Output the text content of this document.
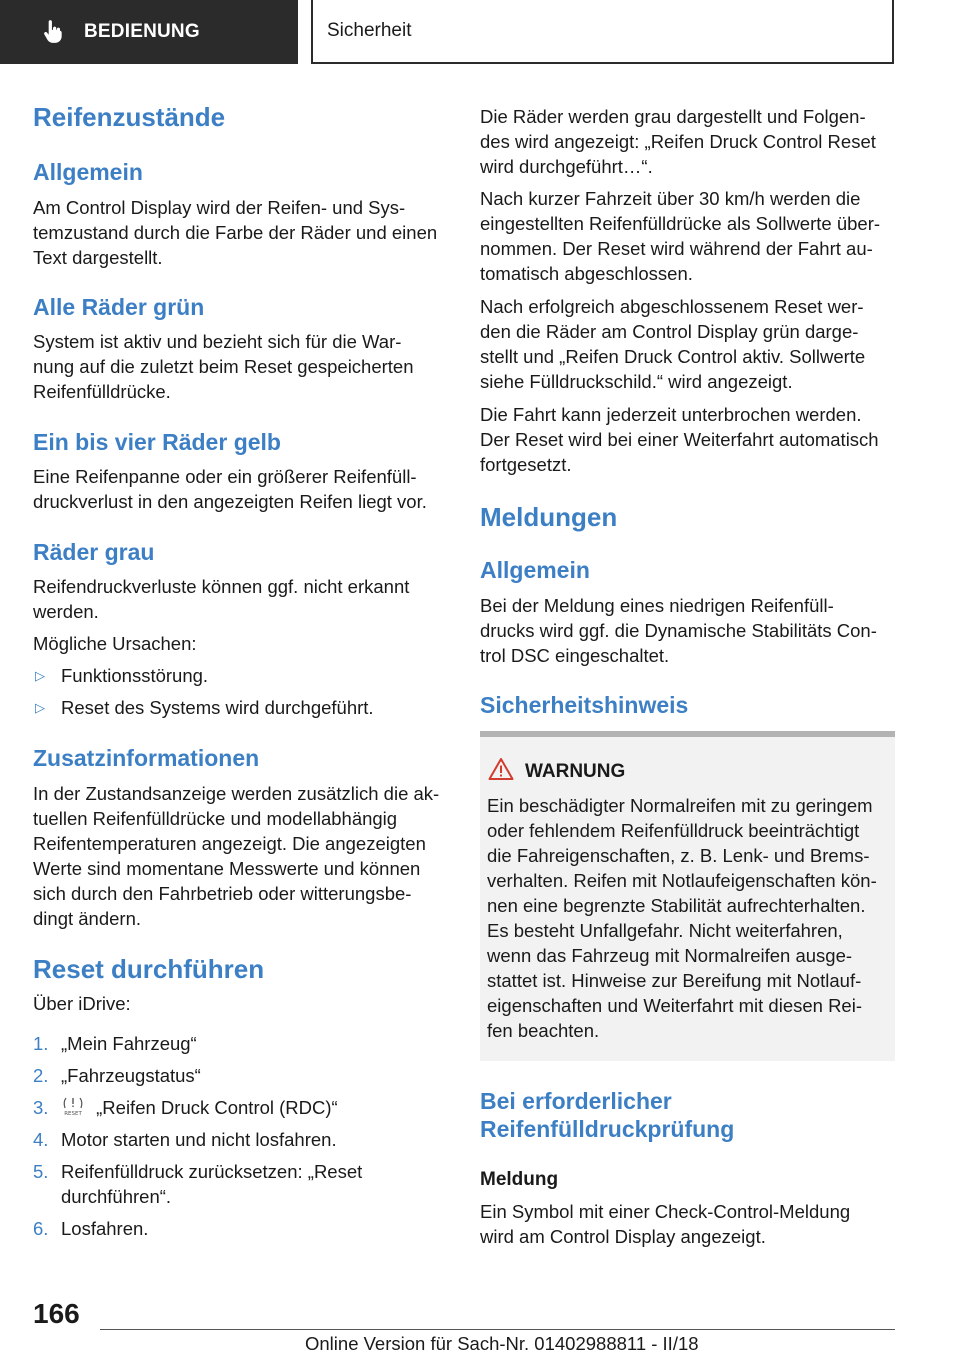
BEDIENUNG	Sicherheit
Reifenzustände
Allgemein
Am Control Display wird der Reifen- und Sys-
temzustand durch die Farbe der Räder und einen
Text dargestellt.
Alle Räder grün
System ist aktiv und bezieht sich für die War-
nung auf die zuletzt beim Reset gespeicherten
Reifenfülldrücke.
Ein bis vier Räder gelb
Eine Reifenpanne oder ein größerer Reifenfüll-
druckverlust in den angezeigten Reifen liegt vor.
Räder grau
Reifendruckverluste können ggf. nicht erkannt
werden.
Mögliche Ursachen:
▷ Funktionsstörung.
▷ Reset des Systems wird durchgeführt.
Zusatzinformationen
In der Zustandsanzeige werden zusätzlich die ak-
tuellen Reifenfülldrücke und modellabhängig
Reifentemperaturen angezeigt. Die angezeigten
Werte sind momentane Messwerte und können
sich durch den Fahrbetrieb oder witterungsbe-
dingt ändern.
Reset durchführen
Über iDrive:
1. „Mein Fahrzeug“
2. „Fahrzeugstatus“
3.	RESET „Reifen Druck Control (RDC)“
4. Motor starten und nicht losfahren.
5. Reifenfülldruck zurücksetzen: „Reset
durchführen“.
6. Losfahren.
Die Räder werden grau dargestellt und Folgen-
des wird angezeigt: „Reifen Druck Control Reset
wird durchgeführt…“.
Nach kurzer Fahrzeit über 30 km/h werden die
eingestellten Reifenfülldrücke als Sollwerte über-
nommen. Der Reset wird während der Fahrt au-
tomatisch abgeschlossen.
Nach erfolgreich abgeschlossenem Reset wer-
den die Räder am Control Display grün darge-
stellt und „Reifen Druck Control aktiv. Sollwerte
siehe Fülldruckschild.“ wird angezeigt.
Die Fahrt kann jederzeit unterbrochen werden.
Der Reset wird bei einer Weiterfahrt automatisch
fortgesetzt.
Meldungen
Allgemein
Bei der Meldung eines niedrigen Reifenfüll-
drucks wird ggf. die Dynamische Stabilitäts Con-
trol DSC eingeschaltet.
Sicherheitshinweis
Bei erforderlicher
Reifenfülldruckprüfung
Meldung
Ein Symbol mit einer Check-Control-Meldung
wird am Control Display angezeigt.
WARNUNG
Ein beschädigter Normalreifen mit zu geringem
oder fehlendem Reifenfülldruck beeinträchtigt
die Fahreigenschaften, z. B. Lenk- und Brems-
verhalten. Reifen mit Notlaufeigenschaften kön-
nen eine begrenzte Stabilität aufrechterhalten.
Es besteht Unfallgefahr. Nicht weiterfahren,
wenn das Fahrzeug mit Normalreifen ausge-
stattet ist. Hinweise zur Bereifung mit Notlauf-
eigenschaften und Weiterfahrt mit diesen Rei-
fen beachten.
166
Online Version für Sach-Nr. 01402988811 - II/18
